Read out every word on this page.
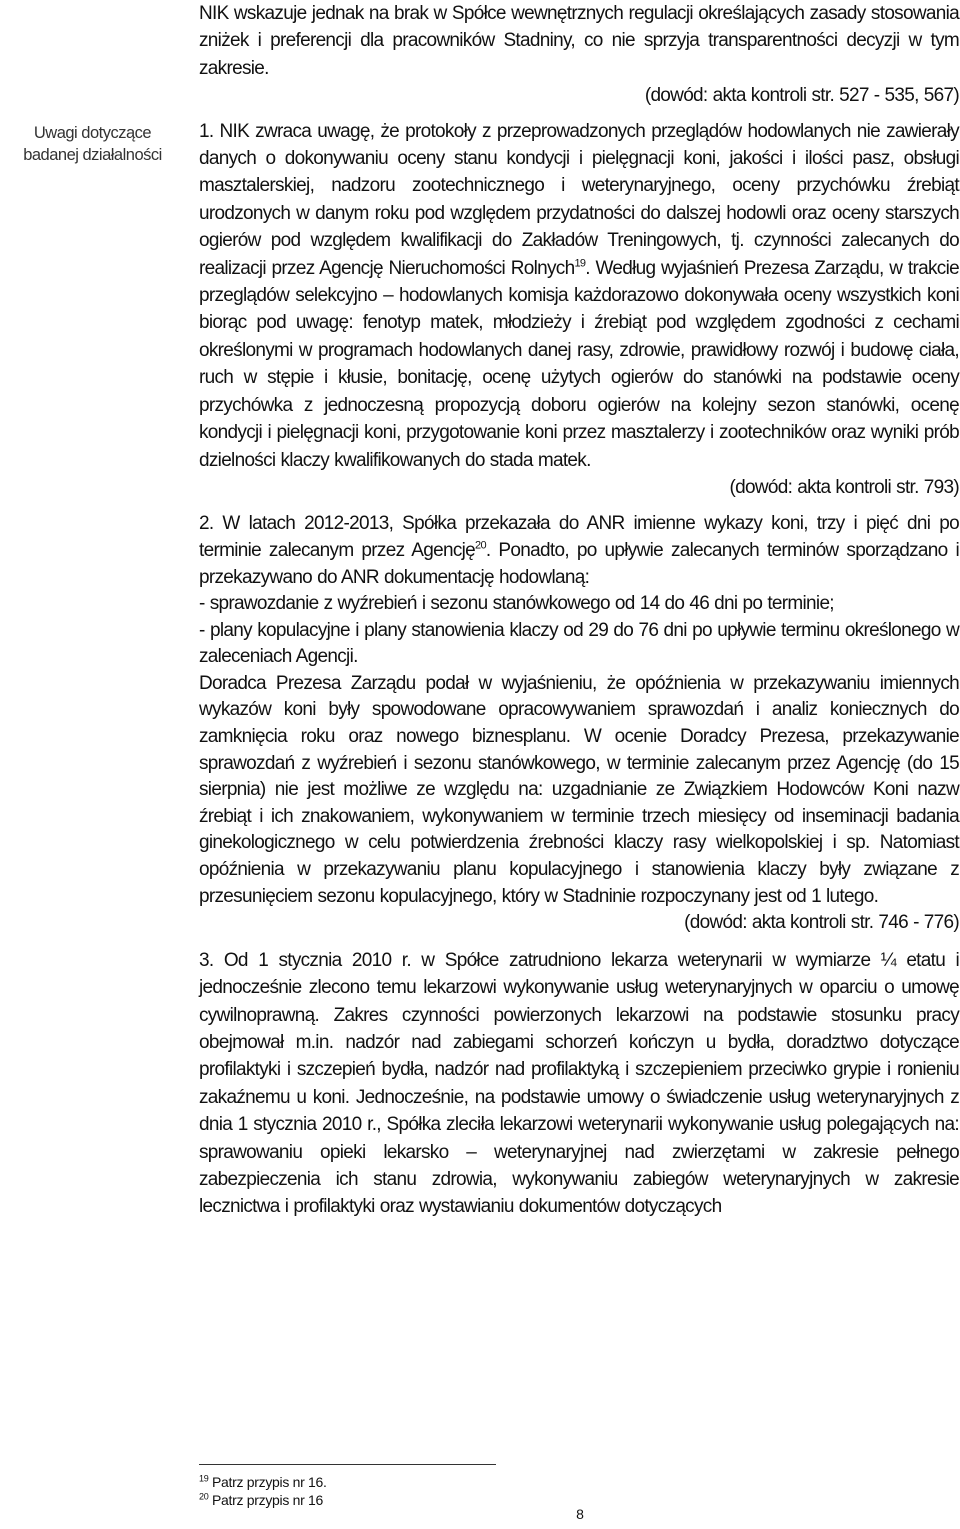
Uwagi dotyczące
badanej działalności

NIK wskazuje jednak na brak w Spółce wewnętrznych regulacji określających zasady stosowania zniżek i preferencji dla pracowników Stadniny, co nie sprzyja transparentności decyzji w tym zakresie.

(dowód: akta kontroli str. 527 - 535, 567)

1. NIK zwraca uwagę, że protokoły z przeprowadzonych przeglądów hodowlanych nie zawierały danych o dokonywaniu oceny stanu kondycji i pielęgnacji koni, jakości i ilości pasz, obsługi masztalerskiej, nadzoru zootechnicznego i weterynaryjnego, oceny przychówku źrebiąt urodzonych w danym roku pod względem przydatności do dalszej hodowli oraz oceny starszych ogierów pod względem kwalifikacji do Zakładów Treningowych, tj. czynności zalecanych do realizacji przez Agencję Nieruchomości Rolnych$^{19}$. Według wyjaśnień Prezesa Zarządu, w trakcie przeglądów selekcyjno – hodowlanych komisja każdorazowo dokonywała oceny wszystkich koni biorąc pod uwagę: fenotyp matek, młodzieży i źrebiąt pod względem zgodności z cechami określonymi w programach hodowlanych danej rasy, zdrowie, prawidłowy rozwój i budowę ciała, ruch w stępie i kłusie, bonitację, ocenę użytych ogierów do stanówki na podstawie oceny przychówka z jednoczesną propozycją doboru ogierów na kolejny sezon stanówki, ocenę kondycji i pielęgnacji koni, przygotowanie koni przez masztalerzy i zootechników oraz wyniki prób dzielności klaczy kwalifikowanych do stada matek.

(dowód: akta kontroli str. 793)

2. W latach 2012-2013, Spółka przekazała do ANR imienne wykazy koni, trzy i pięć dni po terminie zalecanym przez Agencję$^{20}$. Ponadto, po upływie zalecanych terminów sporządzano i przekazywano do ANR dokumentację hodowlaną:

- sprawozdanie z wyźrebień i sezonu stanówkowego od 14 do 46 dni po terminie;

- plany kopulacyjne i plany stanowienia klaczy od 29 do 76 dni po upływie terminu określonego w zaleceniach Agencji.

Doradca Prezesa Zarządu podał w wyjaśnieniu, że opóźnienia w przekazywaniu imiennych wykazów koni były spowodowane opracowywaniem sprawozdań i analiz koniecznych do zamknięcia roku oraz nowego biznesplanu. W ocenie Doradcy Prezesa, przekazywanie sprawozdań z wyźrebień i sezonu stanówkowego, w terminie zalecanym przez Agencję (do 15 sierpnia) nie jest możliwe ze względu na: uzgadnianie ze Związkiem Hodowców Koni nazw źrebiąt i ich znakowaniem, wykonywaniem w terminie trzech miesięcy od inseminacji badania ginekologicznego w celu potwierdzenia źrebności klaczy rasy wielkopolskiej i sp. Natomiast opóźnienia w przekazywaniu planu kopulacyjnego i stanowienia klaczy były związane z przesunięciem sezonu kopulacyjnego, który w Stadninie rozpoczynany jest od 1 lutego.

(dowód: akta kontroli str. 746 - 776)

3. Od 1 stycznia 2010 r. w Spółce zatrudniono lekarza weterynarii w wymiarze ¼ etatu i jednocześnie zlecono temu lekarzowi wykonywanie usług weterynaryjnych w oparciu o umowę cywilnoprawną. Zakres czynności powierzonych lekarzowi na podstawie stosunku pracy obejmował m.in. nadzór nad zabiegami schorzeń kończyn u bydła, doradztwo dotyczące profilaktyki i szczepień bydła, nadzór nad profilaktyką i szczepieniem przeciwko grypie i ronieniu zakaźnemu u koni. Jednocześnie, na podstawie umowy o świadczenie usług weterynaryjnych z dnia 1 stycznia 2010 r., Spółka zleciła lekarzowi weterynarii wykonywanie usług polegających na: sprawowaniu opieki lekarsko – weterynaryjnej nad zwierzętami w zakresie pełnego zabezpieczenia ich stanu zdrowia, wykonywaniu zabiegów weterynaryjnych w zakresie lecznictwa i profilaktyki oraz wystawianiu dokumentów dotyczących

$^{19}$ Patrz przypis nr 16.
$^{20}$ Patrz przypis nr 16
8
